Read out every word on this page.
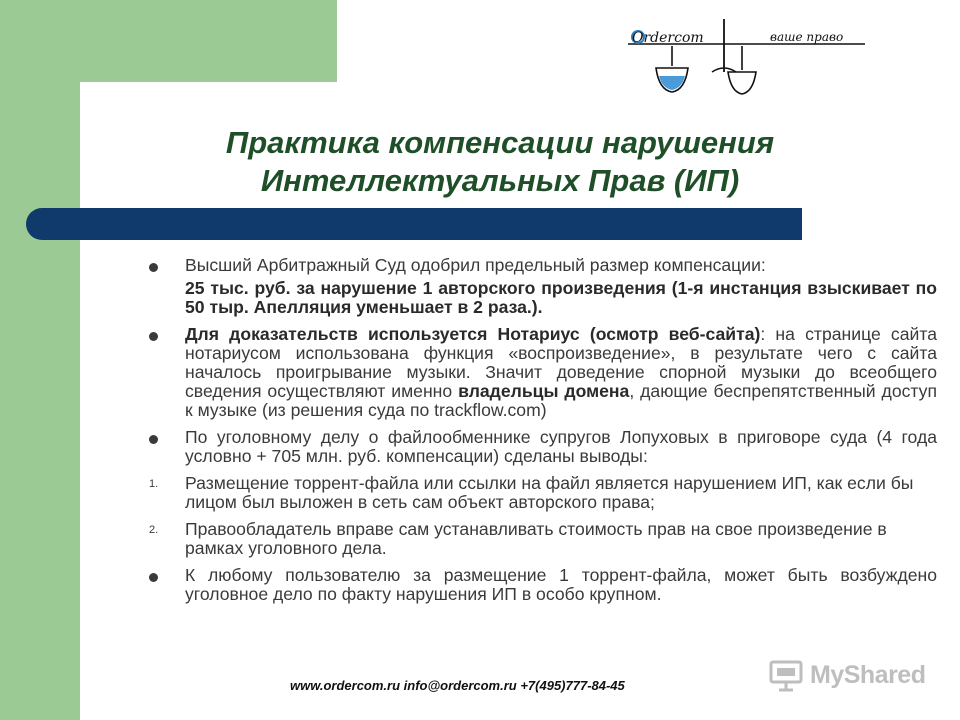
Ordercom	ваше право
Практика компенсации нарушения
Интеллектуальных Прав (ИП)

Высший Арбитражный Суд одобрил предельный размер компенсации:

25 тыс. руб. за нарушение 1 авторского произведения (1-я инстанция взыскивает по 50 тыр. Апелляция уменьшает в 2 раза.).

Для доказательств используется Нотариус (осмотр веб-сайта): на странице сайта нотариусом использована функция «воспроизведение», в результате чего с сайта началось проигрывание музыки. Значит доведение спорной музыки до всеобщего сведения осуществляют именно владельцы домена, дающие беспрепятственный доступ к музыке (из решения суда по trackflow.com)

По уголовному делу о файлообменнике супругов Лопуховых в приговоре суда (4 года условно + 705 млн. руб. компенсации) сделаны выводы:

1. Размещение торрент-файла или ссылки на файл является нарушением ИП, как если бы лицом был выложен в сеть сам объект авторского права;

2. Правообладатель вправе сам устанавливать стоимость прав на свое произведение в рамках уголовного дела.

К любому пользователю за размещение 1 торрент-файла, может быть возбуждено уголовное дело по факту нарушения ИП в особо крупном.

www.ordercom.ru info@ordercom.ru +7(495)777-84-45	MyShared
